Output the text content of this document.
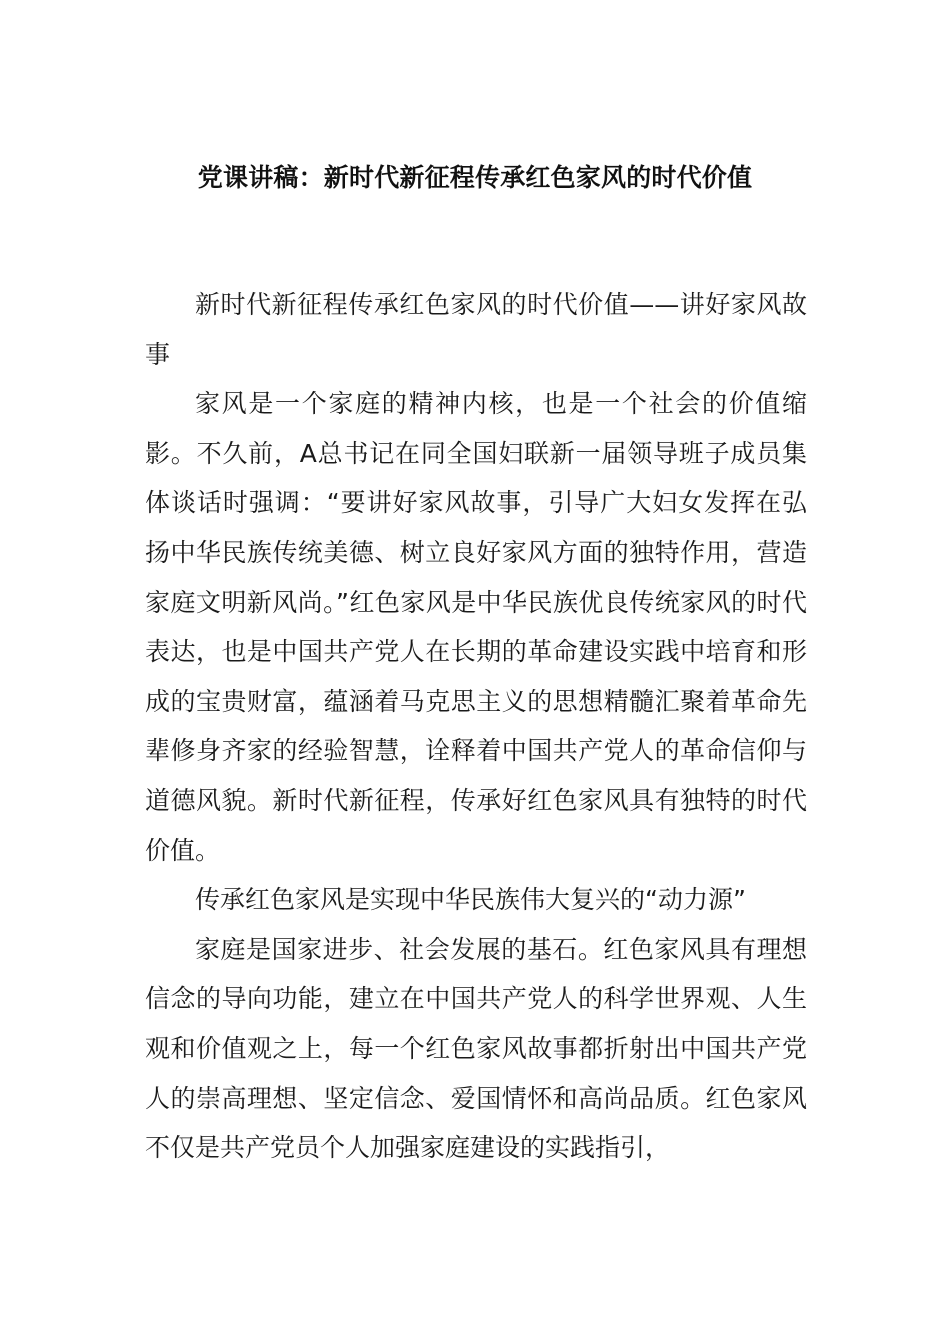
党课讲稿：新时代新征程传承红色家风的时代价值

新时代新征程传承红色家风的时代价值——讲好家风故事

家风是一个家庭的精神内核，也是一个社会的价值缩影。不久前，A总书记在同全国妇联新一届领导班子成员集体谈话时强调：“要讲好家风故事，引导广大妇女发挥在弘扬中华民族传统美德、树立良好家风方面的独特作用，营造家庭文明新风尚。”红色家风是中华民族优良传统家风的时代表达，也是中国共产党人在长期的革命建设实践中培育和形成的宝贵财富，蕴涵着马克思主义的思想精髓汇聚着革命先辈修身齐家的经验智慧，诠释着中国共产党人的革命信仰与道德风貌。新时代新征程，传承好红色家风具有独特的时代价值。

传承红色家风是实现中华民族伟大复兴的“动力源”

家庭是国家进步、社会发展的基石。红色家风具有理想信念的导向功能，建立在中国共产党人的科学世界观、人生观和价值观之上，每一个红色家风故事都折射出中国共产党人的崇高理想、坚定信念、爱国情怀和高尚品质。红色家风不仅是共产党员个人加强家庭建设的实践指引，
